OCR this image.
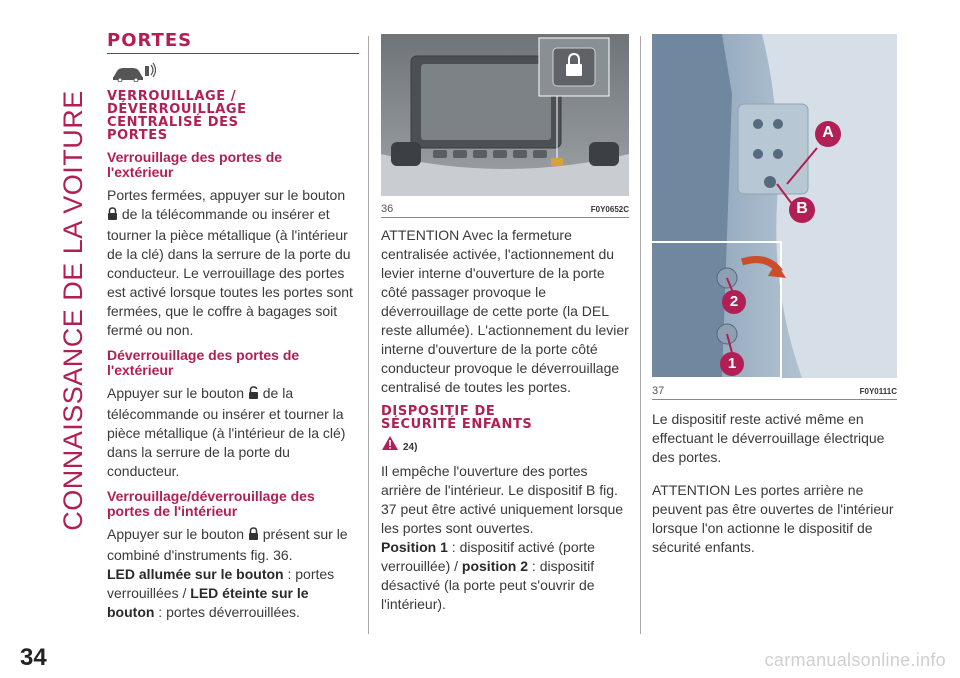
CONNAISSANCE DE LA VOITURE
PORTES
VERROUILLAGE /
DÉVERROUILLAGE
CENTRALISÉ DES
PORTES
Verrouillage des portes de
l'extérieur
Portes fermées, appuyer sur le bouton
de la télécommande ou insérer et tourner la pièce métallique (à l'intérieur de la clé) dans la serrure de la porte du conducteur. Le verrouillage des portes est activé lorsque toutes les portes sont fermées, que le coffre à bagages soit fermé ou non.
Déverrouillage des portes de
l'extérieur
Appuyer sur le bouton de la télécommande ou insérer et tourner la pièce métallique (à l'intérieur de la clé) dans la serrure de la porte du conducteur.
Verrouillage/déverrouillage des
portes de l'intérieur
Appuyer sur le bouton présent sur le combiné d'instruments fig. 36.
LED allumée sur le bouton : portes verrouillées / LED éteinte sur le bouton : portes déverrouillées.
36	F0Y0652C
ATTENTION Avec la fermeture centralisée activée, l'actionnement du levier interne d'ouverture de la porte côté passager provoque le déverrouillage de cette porte (la DEL reste allumée). L'actionnement du levier interne d'ouverture de la porte côté conducteur provoque le déverrouillage centralisé de toutes les portes.
DISPOSITIF DE
SÉCURITÉ ENFANTS
24)
Il empêche l'ouverture des portes arrière de l'intérieur. Le dispositif B fig. 37 peut être activé uniquement lorsque les portes sont ouvertes.
Position 1 : dispositif activé (porte verrouillée) / position 2 : dispositif désactivé (la porte peut s'ouvrir de l'intérieur).
A
B
2
1
37	F0Y0111C
Le dispositif reste activé même en effectuant le déverrouillage électrique des portes.
ATTENTION Les portes arrière ne peuvent pas être ouvertes de l'intérieur lorsque l'on actionne le dispositif de sécurité enfants.
34	carmanualsonline.info
